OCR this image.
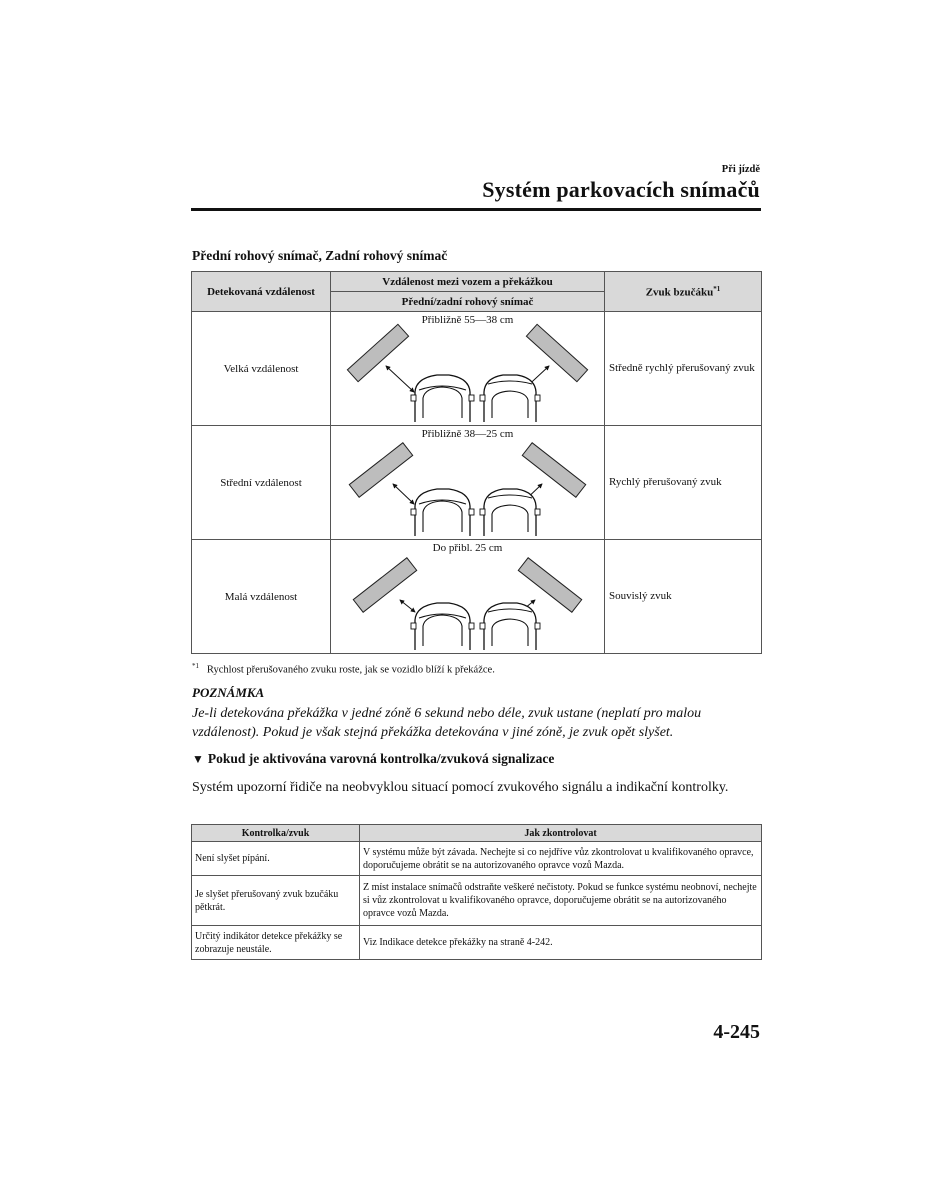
Při jízdě
Systém parkovacích snímačů
Přední rohový snímač, Zadní rohový snímač
Detekovaná vzdálenost	Vzdálenost mezi vozem a překážkou	Zvuk bzučáku$^{*1}$
	Přední/zadní rohový snímač	
Velká vzdálenost	Přibližně 55—38 cm	Středně rychlý přerušovaný zvuk
Střední vzdálenost	Přibližně 38—25 cm	Rychlý přerušovaný zvuk
Malá vzdálenost	Do přibl. 25 cm	Souvislý zvuk
$^{*1}$ Rychlost přerušovaného zvuku roste, jak se vozidlo blíží k překážce.
POZNÁMKA
Je-li detekována překážka v jedné zóně 6 sekund nebo déle, zvuk ustane (neplatí pro malou vzdálenost). Pokud je však stejná překážka detekována v jiné zóně, je zvuk opět slyšet.
▼ Pokud je aktivována varovná kontrolka/zvuková signalizace
Systém upozorní řidiče na neobvyklou situací pomocí zvukového signálu a indikační kontrolky.
Kontrolka/zvuk	Jak zkontrolovat
Není slyšet pípání.	V systému může být závada. Nechejte si co nejdříve vůz zkontrolovat u kvalifikovaného opravce, doporučujeme obrátit se na autorizovaného opravce vozů Mazda.
Je slyšet přerušovaný zvuk bzučáku pětkrát.	Z míst instalace snímačů odstraňte veškeré nečistoty. Pokud se funkce systému neobnoví, nechejte si vůz zkontrolovat u kvalifikovaného opravce, doporučujeme obrátit se na autorizovaného opravce vozů Mazda.
Určitý indikátor detekce překážky se zobrazuje neustále.	Viz Indikace detekce překážky na straně 4-242.
4-245
